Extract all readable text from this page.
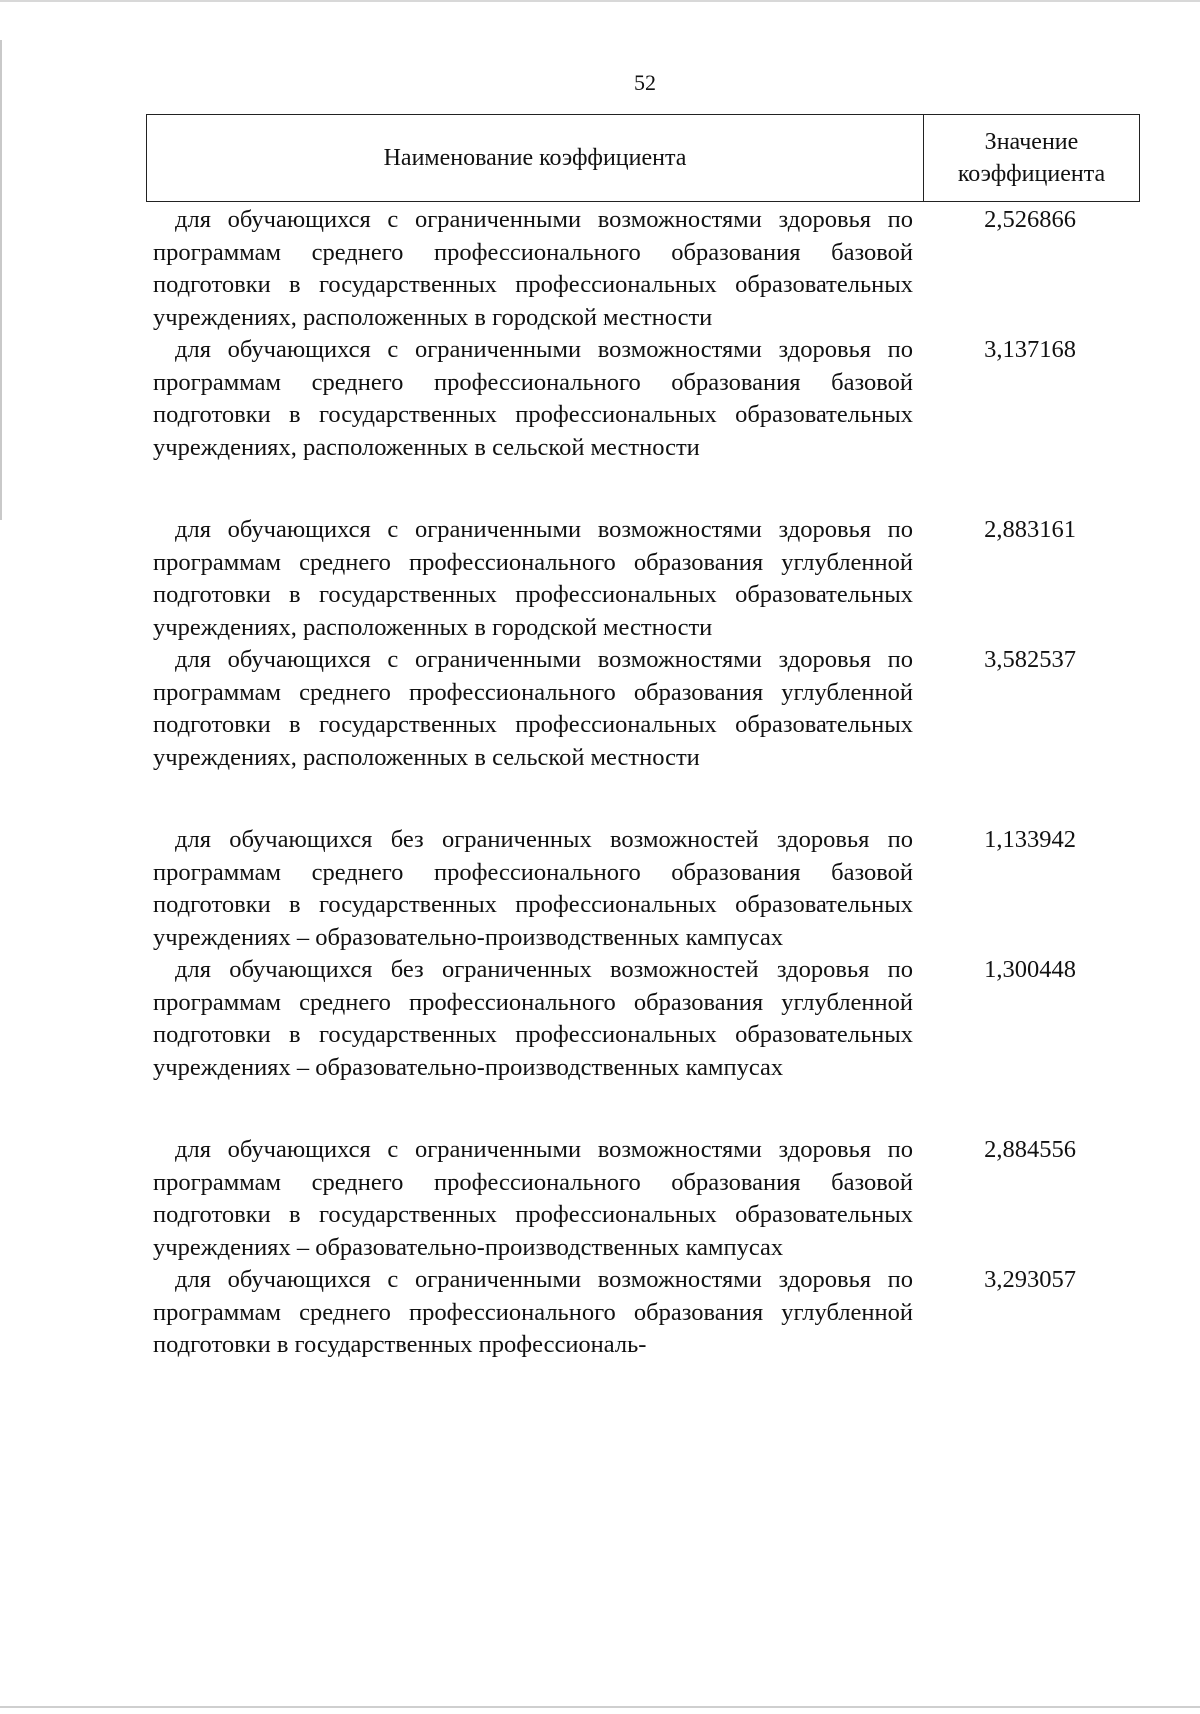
52
Наименование коэффициента
Значение
коэффициента

для обучающихся с ограниченными возможностями здоровья по программам среднего профессионального образования базовой подготовки в государственных профессиональных образовательных учреждениях, расположенных в городской местности

2,526866

для обучающихся с ограниченными возможностями здоровья по программам среднего профессионального образования базовой подготовки в государственных профессиональных образовательных учреждениях, расположенных в сельской местности

3,137168

для обучающихся с ограниченными возможностями здоровья по программам среднего профессионального образования углубленной подготовки в государственных профессиональных образовательных учреждениях, расположенных в городской местности

2,883161

для обучающихся с ограниченными возможностями здоровья по программам среднего профессионального образования углубленной подготовки в государственных профессиональных образовательных учреждениях, расположенных в сельской местности

3,582537

для обучающихся без ограниченных возможностей здоровья по программам среднего профессионального образования базовой подготовки в государственных профессиональных образовательных учреждениях – образовательно-производственных кампусах

1,133942

для обучающихся без ограниченных возможностей здоровья по программам среднего профессионального образования углубленной подготовки в государственных профессиональных образовательных учреждениях – образовательно-производственных кампусах

1,300448

для обучающихся с ограниченными возможностями здоровья по программам среднего профессионального образования базовой подготовки в государственных профессиональных образовательных учреждениях – образовательно-производственных кампусах

2,884556

для обучающихся с ограниченными возможностями здоровья по программам среднего профессионального образования углубленной подготовки в государственных профессиональ-

3,293057
